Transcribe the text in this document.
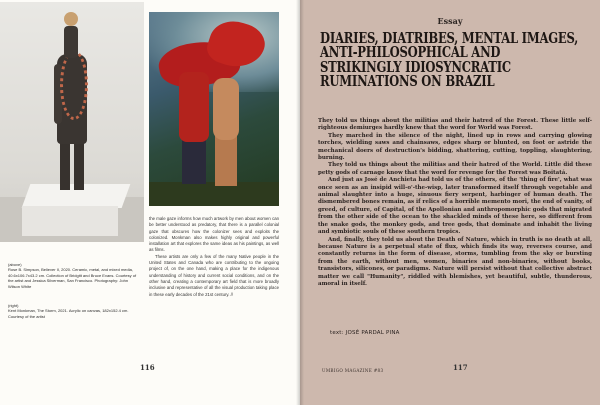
(above)
Rose B. Simpson, Believer II, 2020. Ceramic, metal, and mixed media, 40.6x106.7x43.2 cm. Collection of Bridgitt and Bruce Evans. Courtesy of the artist and Jessica Silverman, San Francisco. Photography: John Wilson White
(right)
Kent Monkman, The Storm, 2021. Acrylic on canvas, 182x152.4 cm. Courtesy of the artist

the male gaze informs how much artwork by men about women can be better understood as predatory, that there is a parallel colonial gaze that obscures how the colonizer sees and exploits the colonized. Monkman also makes highly original and powerful installation art that explores the same ideas as his paintings, as well as films.

These artists are only a few of the many Native people in the United States and Canada who are contributing to the ongoing project of, on the one hand, making a place for the indigenous understanding of history and current social conditions, and on the other hand, creating a contemporary art field that is more broadly inclusive and representative of all the visual production taking place in these early decades of the 21st century. //

116
Essay
DIARIES, DIATRIBES, MENTAL IMAGES, ANTI-PHILOSOPHICAL AND STRIKINGLY IDIOSYNCRATIC RUMINATIONS ON BRAZIL

They told us things about the militias and their hatred of the Forest. These little self-righteous demiurges hardly knew that the word for World was Forest.

They marched in the silence of the night, lined up in rows and carrying glowing torches, wielding saws and chainsaws, edges sharp or blunted, on foot or astride the mechanical doers of destruction's bidding, shattering, cutting, toppling, slaughtering, burning.

They told us things about the militias and their hatred of the World. Little did these petty gods of carnage know that the word for revenge for the Forest was Boitatá.

And just as José de Anchieta had told us of the others, of the 'thing of fire', what was once seen as an insipid will-o'-the-wisp, later transformed itself through vegetable and animal slaughter into a huge, sinuous fiery serpent, harbinger of human death. The dismembered bones remain, as if relics of a horrible memento mori, the end of vanity, of greed, of culture, of Capital, of the Apollonian and anthropomorphic gods that migrated from the other side of the ocean to the shackled minds of these here, so different from the snake gods, the monkey gods, and tree gods, that dominate and inhabit the living and symbiotic souls of these southern tropics.

And, finally, they told us about the Death of Nature, which in truth is no death at all, because Nature is a perpetual state of flux, which finds its way, reverses course, and constantly returns in the form of disease, storms, tumbling from the sky or bursting from the earth, without men, women, binaries and non-binaries, without books, transistors, silicones, or paradigms. Nature will persist without that collective abstract matter we call "Humanity", riddled with blemishes, yet beautiful, subtle, thunderous, amoral in itself.

text: JOSÉ PARDAL PINA
UMBIGO MAGAZINE #83	117
